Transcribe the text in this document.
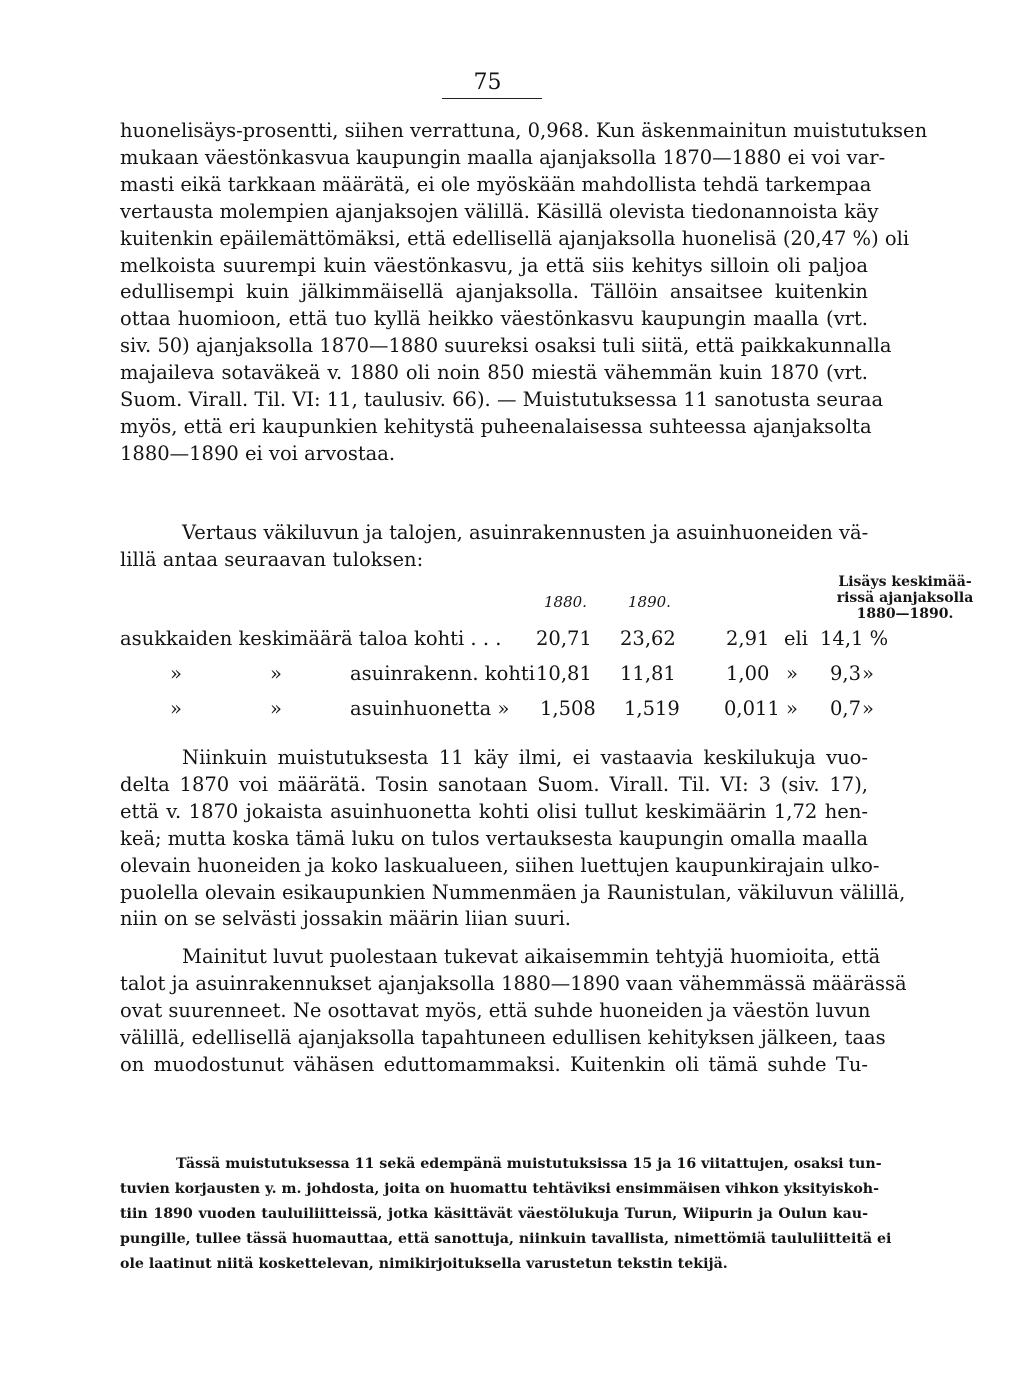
75
huonelisäys-prosentti, siihen verrattuna, 0,968. Kun äskenmainitun muistutuksen
mukaan väestönkasvua kaupungin maalla ajanjaksolla 1870—1880 ei voi var-
masti eikä tarkkaan määrätä, ei ole myöskään mahdollista tehdä tarkempaa
vertausta molempien ajanjaksojen välillä. Käsillä olevista tiedonannoista käy
kuitenkin epäilemättömäksi, että edellisellä ajanjaksolla huonelisä (20,47 %) oli
melkoista suurempi kuin väestönkasvu, ja että siis kehitys silloin oli paljoa
edullisempi kuin jälkimmäisellä ajanjaksolla. Tällöin ansaitsee kuitenkin
ottaa huomioon, että tuo kyllä heikko väestönkasvu kaupungin maalla (vrt.
siv. 50) ajanjaksolla 1870—1880 suureksi osaksi tuli siitä, että paikkakunnalla
majaileva sotaväkeä v. 1880 oli noin 850 miestä vähemmän kuin 1870 (vrt.
Suom. Virall. Til. VI: 11, taulusiv. 66). — Muistutuksessa 11 sanotusta seuraa
myös, että eri kaupunkien kehitystä puheenalaisessa suhteessa ajanjaksolta
1880—1890 ei voi arvostaa.
Vertaus väkiluvun ja talojen, asuinrakennusten ja asuinhuoneiden vä-
lillä antaa seuraavan tuloksen:
1880.	1890.
Lisäys keskimää-
rissä ajanjaksolla
1880—1890.
asukkaiden keskimäärä taloa kohti . . . 20,71 23,62	2,91 eli 14,1 %
»	»	asuinrakenn. kohti 10,81 11,81	1,00 » 9,3 »
»	»	asuinhuonetta » 1,508 1,519 0,011 » 0,7 »
Niinkuin muistutuksesta 11 käy ilmi, ei vastaavia keskilukuja vuo-
delta 1870 voi määrätä. Tosin sanotaan Suom. Virall. Til. VI: 3 (siv. 17),
että v. 1870 jokaista asuinhuonetta kohti olisi tullut keskimäärin 1,72 hen-
keä; mutta koska tämä luku on tulos vertauksesta kaupungin omalla maalla
olevain huoneiden ja koko laskualueen, siihen luettujen kaupunkirajain ulko-
puolella olevain esikaupunkien Nummenmäen ja Raunistulan, väkiluvun välillä,
niin on se selvästi jossakin määrin liian suuri.
Mainitut luvut puolestaan tukevat aikaisemmin tehtyjä huomioita, että
talot ja asuinrakennukset ajanjaksolla 1880—1890 vaan vähemmässä määrässä
ovat suurenneet. Ne osottavat myös, että suhde huoneiden ja väestön luvun
välillä, edellisellä ajanjaksolla tapahtuneen edullisen kehityksen jälkeen, taas
on muodostunut vähäsen eduttomammaksi. Kuitenkin oli tämä suhde Tu-
Tässä muistutuksessa 11 sekä edempänä muistutuksissa 15 ja 16 viitattujen, osaksi tun-
tuvien korjausten y. m. johdosta, joita on huomattu tehtäviksi ensimmäisen vihkon yksityiskoh-
tiin 1890 vuoden tauluiliitteissä, jotka käsittävät väestölukuja Turun, Wiipurin ja Oulun kau-
pungille, tullee tässä huomauttaa, että sanottuja, niinkuin tavallista, nimettömiä taululiitteitä ei
ole laatinut niitä koskettelevan, nimikirjoituksella varustetun tekstin tekijä.
